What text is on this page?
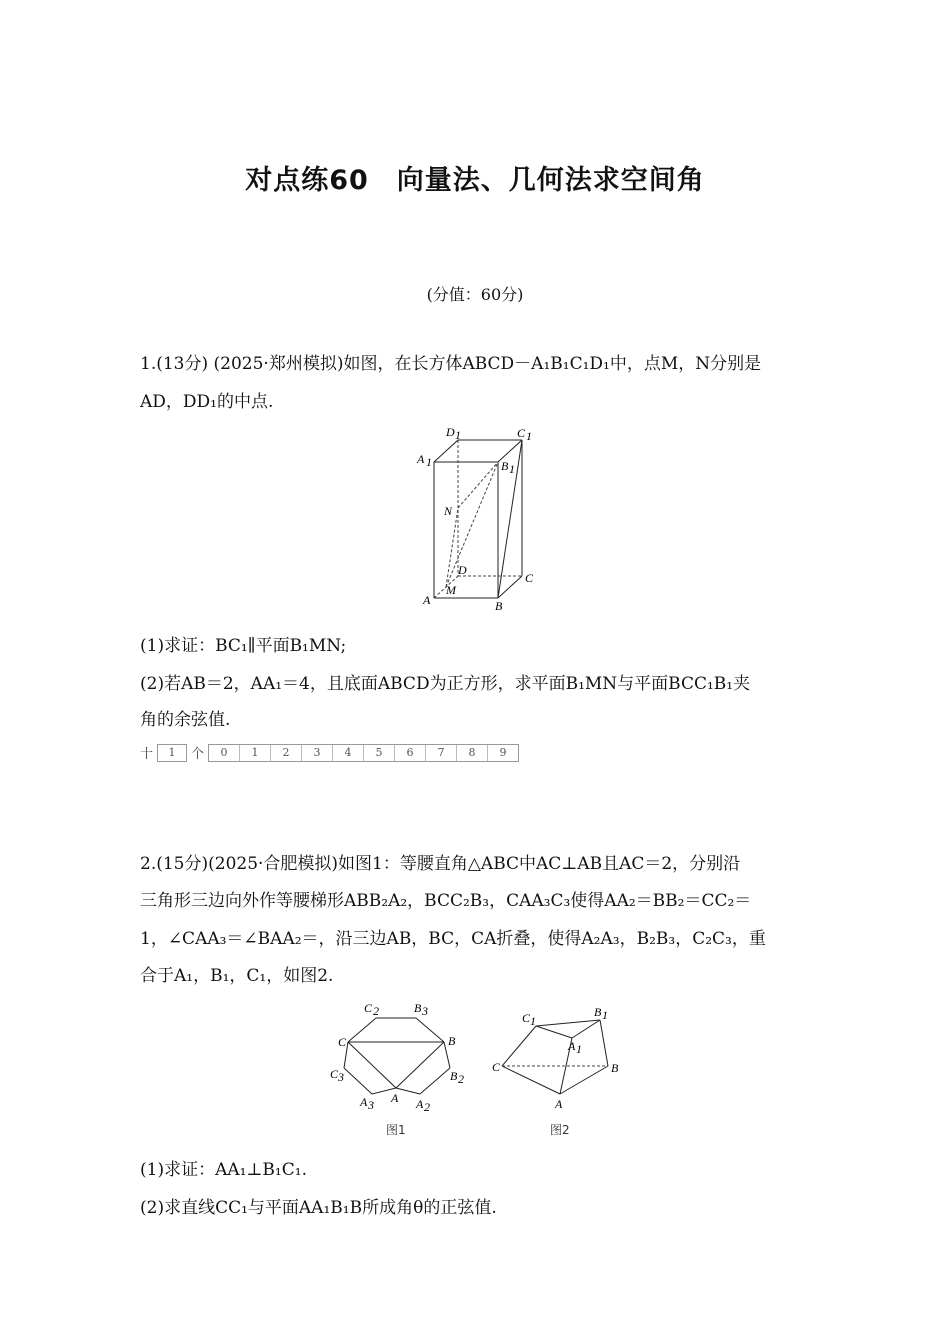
对点练60　向量法、几何法求空间角
(分值：60分)
1.(13分) (2025·郑州模拟)如图，在长方体ABCD－A₁B₁C₁D₁中，点M，N分别是
AD，DD₁的中点.
D 1	C 1
A 1	B 1
N
D
C
A
M
B
(1)求证：BC₁∥平面B₁MN;
(2)若AB＝2，AA₁＝4，且底面ABCD为正方形，求平面B₁MN与平面BCC₁B₁夹
角的余弦值.
十	1	个	0	1	2	3	4	5	6	7	8	9
2.(15分)(2025·合肥模拟)如图1：等腰直角△ABC中AC⊥AB且AC＝2，分别沿
三角形三边向外作等腰梯形ABB₂A₂，BCC₂B₃，CAA₃C₃使得AA₂＝BB₂＝CC₂＝
1，∠CAA₃＝∠BAA₂＝，沿三边AB，BC，CA折叠，使得A₂A₃，B₂B₃，C₂C₃，重
合于A₁，B₁，C₁，如图2.
C 2	B 3
C	B
C 3	B 2
A 3 A A 2
图1
C 1
B 1
A 1
C	B
A
图2
(1)求证：AA₁⊥B₁C₁.
(2)求直线CC₁与平面AA₁B₁B所成角θ的正弦值.
